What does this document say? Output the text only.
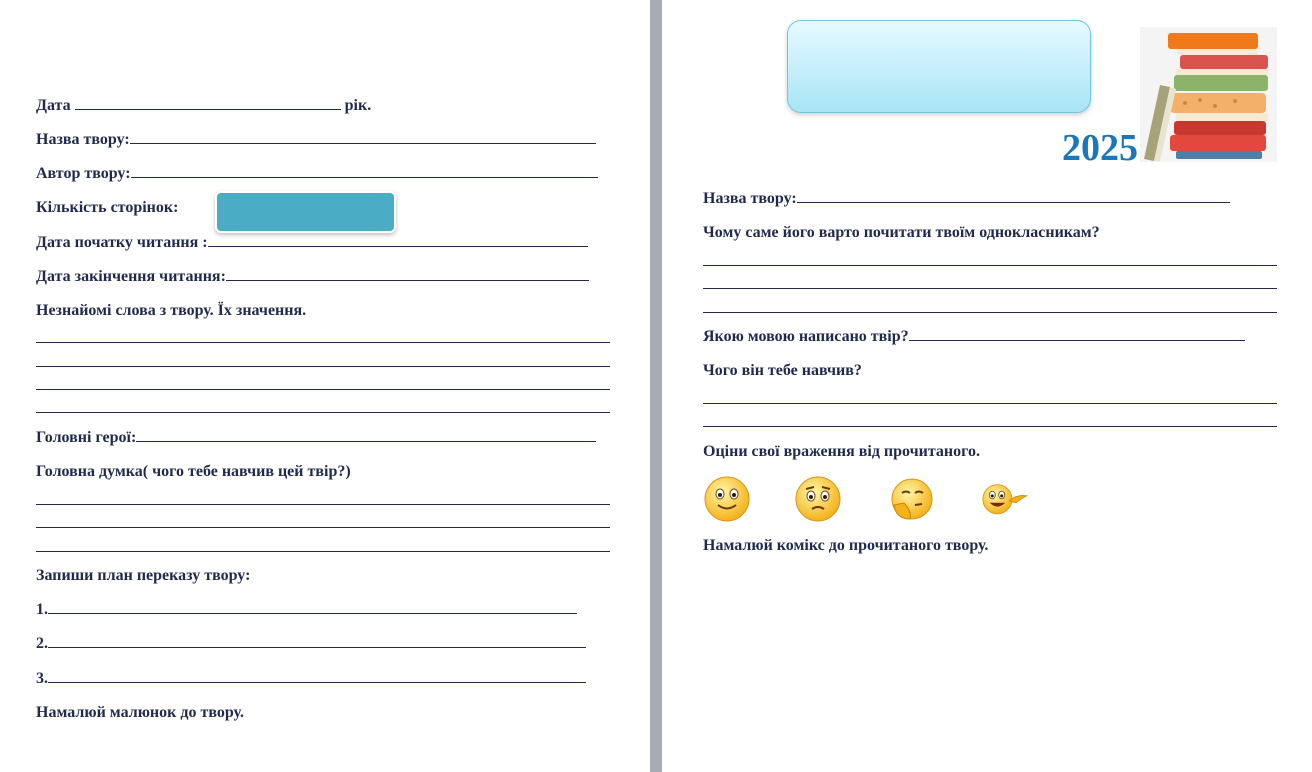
Дата	рік.
Назва твору:
Автор твору:
Кількість сторінок:
Дата початку читання :
Дата закінчення читання:
Незнайомі слова з твору. Їх значення.
Головні герої:
Головна думка( чого тебе навчив цей твір?)
Запиши план переказу твору:
1.
2.
3.
Намалюй малюнок до твору.
2025
Назва твору:
Чому саме його варто почитати твоїм однокласникам?
Якою мовою написано твір?
Чого він тебе навчив?
Оціни свої враження від прочитаного.
Намалюй комікс до прочитаного твору.
